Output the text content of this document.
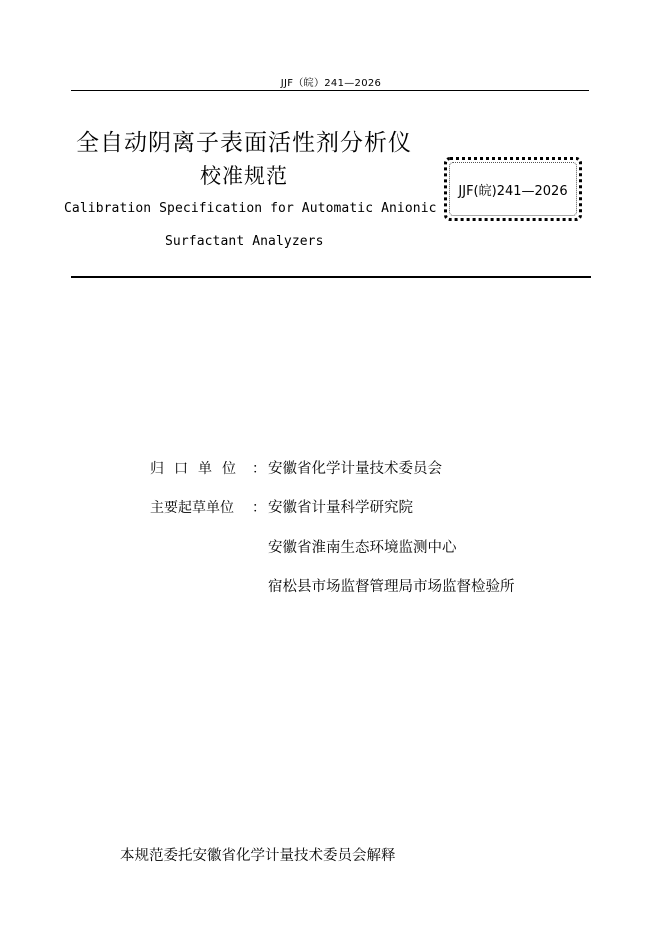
JJF（皖）241—2026
全自动阴离子表面活性剂分析仪
校准规范
Calibration Specification for Automatic Anionic
Surfactant Analyzers
JJF(皖)241—2026
归口单位 ： 安徽省化学计量技术委员会
主要起草单位 ： 安徽省计量科学研究院
安徽省淮南生态环境监测中心
宿松县市场监督管理局市场监督检验所
本规范委托安徽省化学计量技术委员会解释
